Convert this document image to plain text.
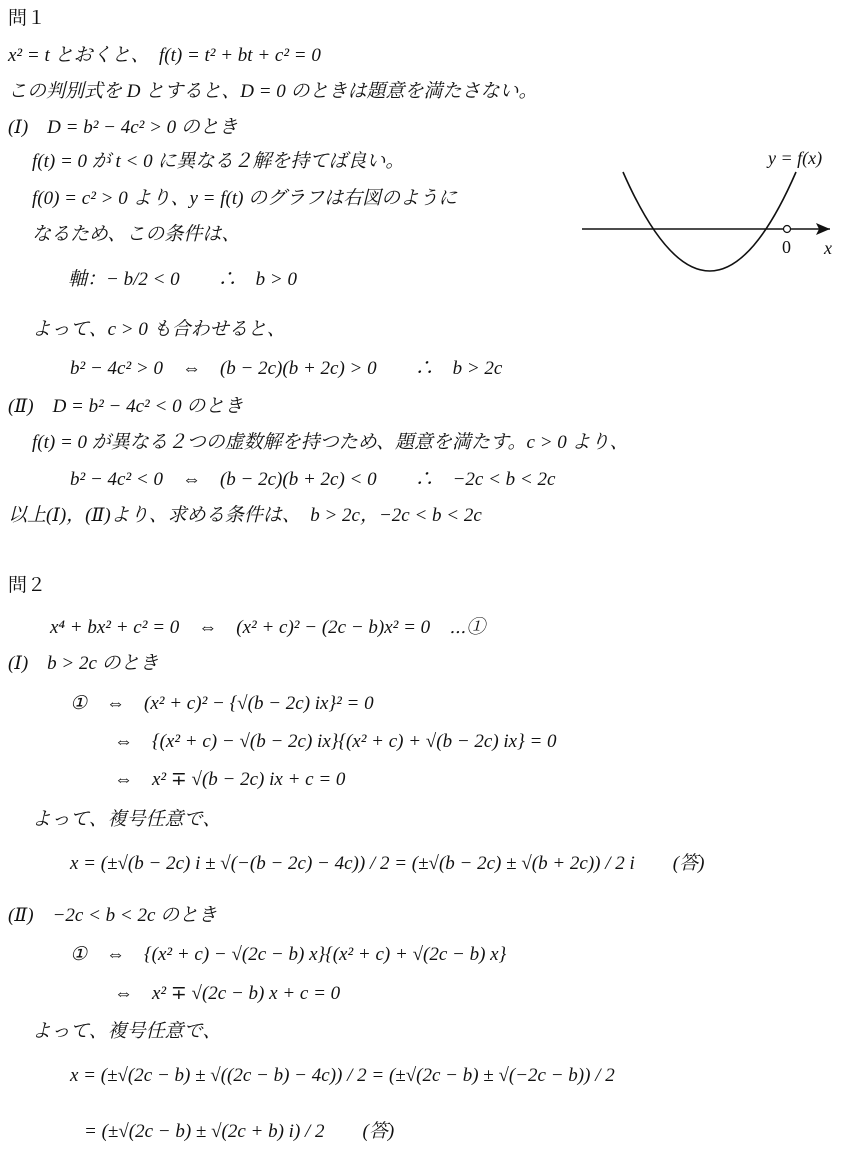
問１
x² = t とおくと、　f(t) = t² + bt + c² = 0
この判別式を D とすると、D = 0 のときは題意を満たさない。
(Ⅰ)　D = b² − 4c² > 0 のとき
f(t) = 0 が t < 0 に異なる２解を持てば良い。
f(0) = c² > 0 より、y = f(t) のグラフは右図のように
なるため、この条件は、
軸：− b/2 < 0　　∴　b > 0
よって、c > 0 も合わせると、
b² − 4c² > 0　⇔　(b − 2c)(b + 2c) > 0　　∴　b > 2c
(Ⅱ)　D = b² − 4c² < 0 のとき
f(t) = 0 が異なる２つの虚数解を持つため、題意を満たす。c > 0 より、
b² − 4c² < 0　⇔　(b − 2c)(b + 2c) < 0　　∴　−2c < b < 2c
以上(Ⅰ)，(Ⅱ)より、求める条件は、　b > 2c，−2c < b < 2c
y = f(x)
0 x
問２
x⁴ + bx² + c² = 0　⇔　(x² + c)² − (2c − b)x² = 0　⋯①
(Ⅰ)　b > 2c のとき
①　⇔　(x² + c)² − {√(b − 2c) ix}² = 0
⇔　{(x² + c) − √(b − 2c) ix}{(x² + c) + √(b − 2c) ix} = 0
⇔　x² ∓ √(b − 2c) ix + c = 0
よって、複号任意で、
x = (±√(b − 2c) i ± √(−(b − 2c) − 4c)) / 2 = (±√(b − 2c) ± √(b + 2c)) / 2 i　　(答)
(Ⅱ)　−2c < b < 2c のとき
①　⇔　{(x² + c) − √(2c − b) x}{(x² + c) + √(2c − b) x}
⇔　x² ∓ √(2c − b) x + c = 0
よって、複号任意で、
x = (±√(2c − b) ± √((2c − b) − 4c)) / 2 = (±√(2c − b) ± √(−2c − b)) / 2
= (±√(2c − b) ± √(2c + b) i) / 2　　(答)
